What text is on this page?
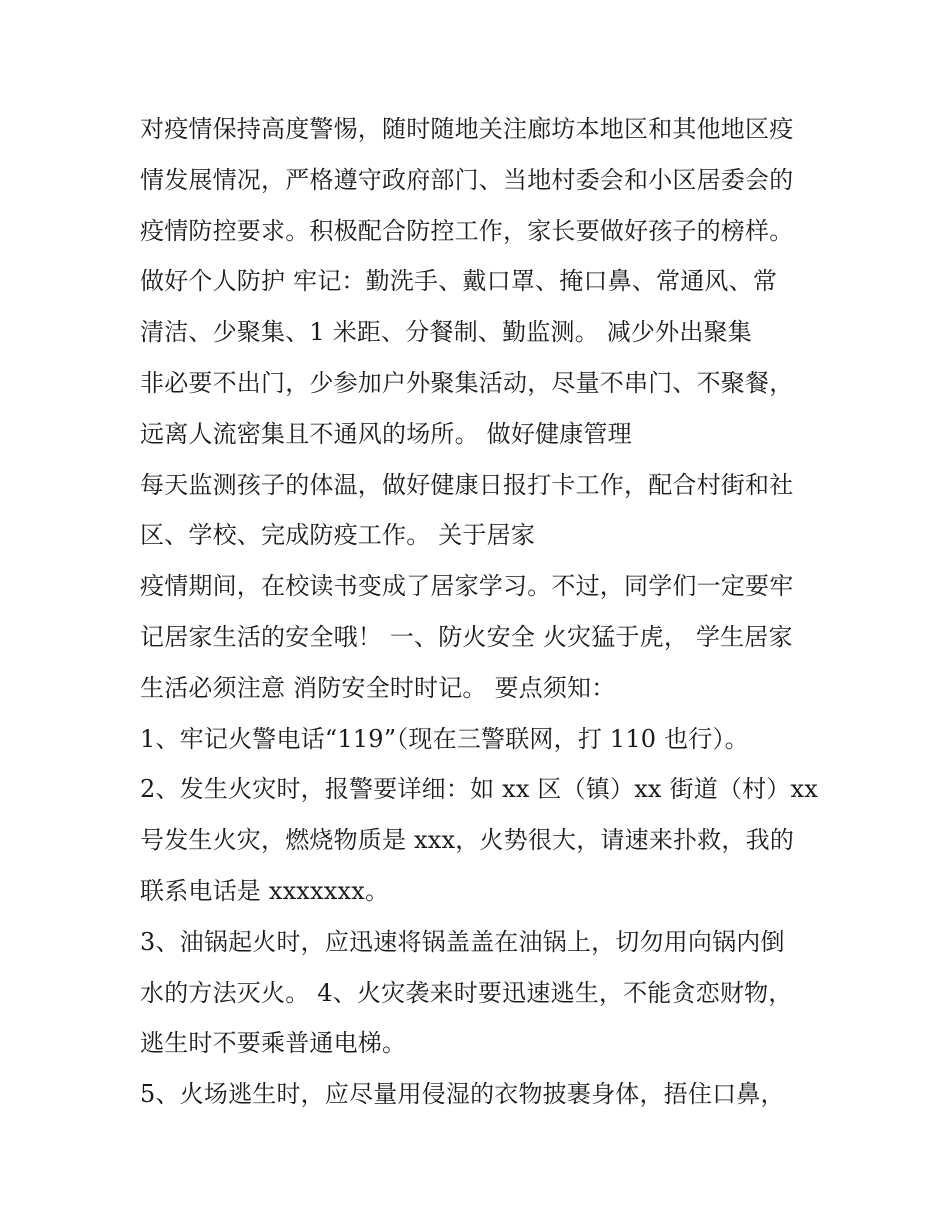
对疫情保持高度警惕，随时随地关注廊坊本地区和其他地区疫
情发展情况，严格遵守政府部门、当地村委会和小区居委会的
疫情防控要求。积极配合防控工作，家长要做好孩子的榜样。
做好个人防护 牢记：勤洗手、戴口罩、掩口鼻、常通风、常
清洁、少聚集、1 米距、分餐制、勤监测。 减少外出聚集
非必要不出门，少参加户外聚集活动，尽量不串门、不聚餐，
远离人流密集且不通风的场所。 做好健康管理
每天监测孩子的体温，做好健康日报打卡工作，配合村街和社
区、学校、完成防疫工作。 关于居家
疫情期间，在校读书变成了居家学习。不过，同学们一定要牢
记居家生活的安全哦！ 一、防火安全 火灾猛于虎， 学生居家
生活必须注意 消防安全时时记。 要点须知：
1、牢记火警电话“119”（现在三警联网，打 110 也行）。
2、发生火灾时，报警要详细：如 xx 区（镇）xx 街道（村）xx
号发生火灾，燃烧物质是 xxx，火势很大，请速来扑救，我的
联系电话是 xxxxxxx。
3、油锅起火时，应迅速将锅盖盖在油锅上，切勿用向锅内倒
水的方法灭火。 4、火灾袭来时要迅速逃生，不能贪恋财物，
逃生时不要乘普通电梯。
5、火场逃生时，应尽量用侵湿的衣物披裹身体，捂住口鼻，
